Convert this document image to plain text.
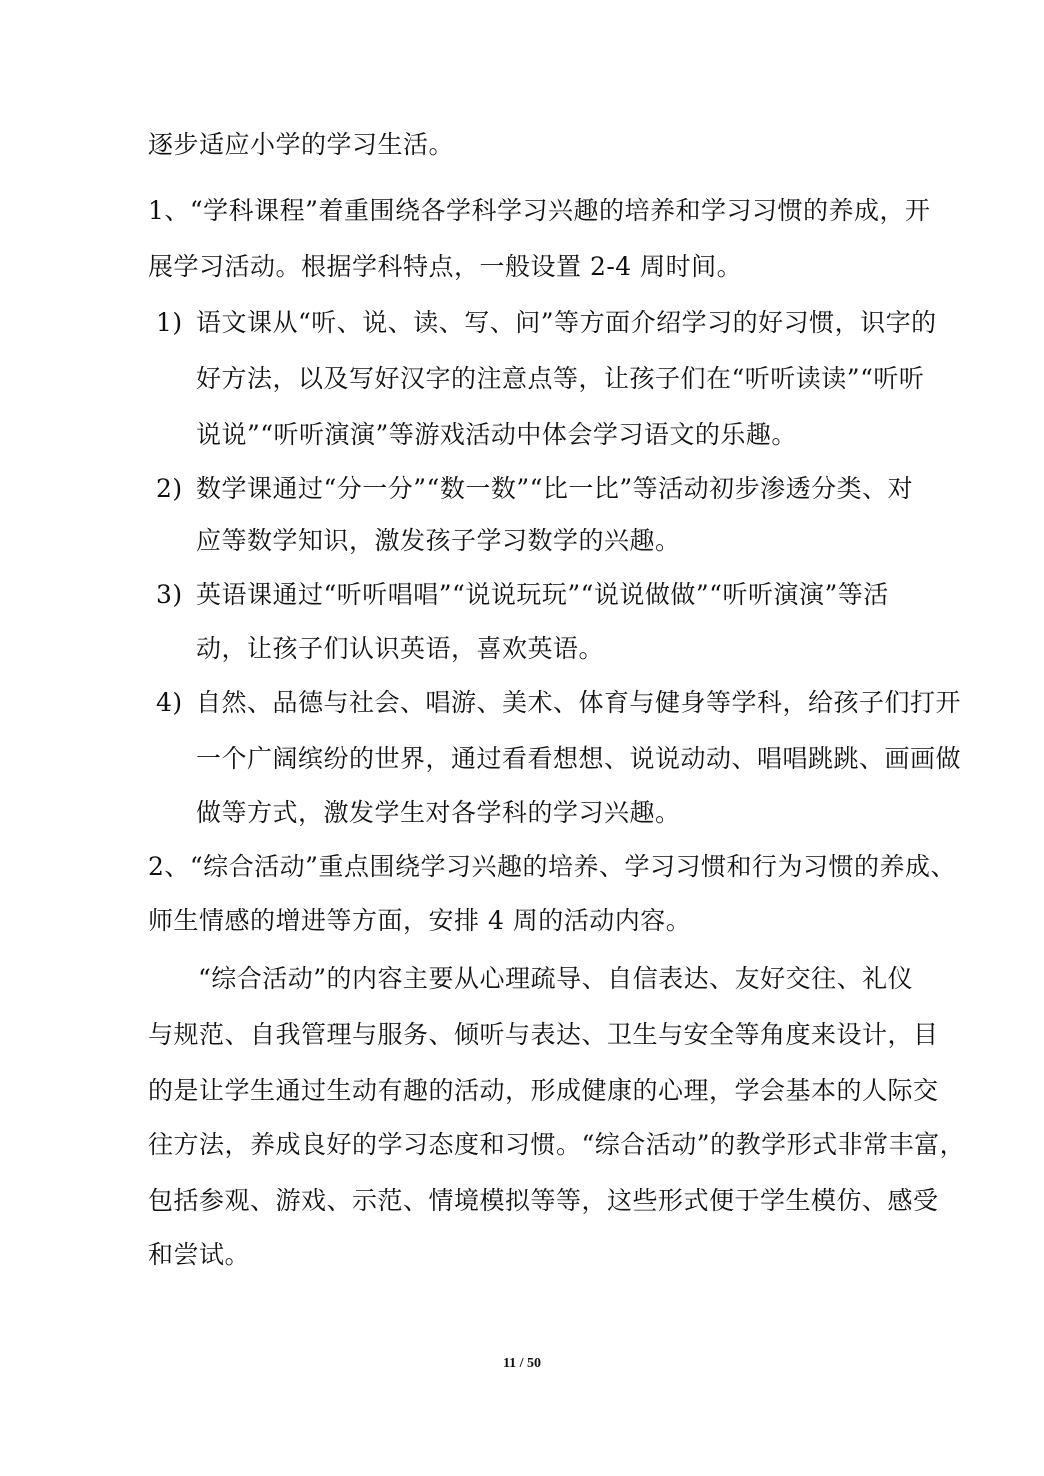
逐步适应小学的学习生活。
1、“学科课程”着重围绕各学科学习兴趣的培养和学习习惯的养成，开
展学习活动。根据学科特点，一般设置 2-4 周时间。
1) 语文课从“听、说、读、写、问”等方面介绍学习的好习惯，识字的
好方法，以及写好汉字的注意点等，让孩子们在“听听读读”“听听
说说”“听听演演”等游戏活动中体会学习语文的乐趣。
2) 数学课通过“分一分”“数一数”“比一比”等活动初步渗透分类、对
应等数学知识，激发孩子学习数学的兴趣。
3) 英语课通过“听听唱唱”“说说玩玩”“说说做做”“听听演演”等活
动，让孩子们认识英语，喜欢英语。
4) 自然、品德与社会、唱游、美术、体育与健身等学科，给孩子们打开
一个广阔缤纷的世界，通过看看想想、说说动动、唱唱跳跳、画画做
做等方式，激发学生对各学科的学习兴趣。
2、“综合活动”重点围绕学习兴趣的培养、学习习惯和行为习惯的养成、
师生情感的增进等方面，安排 4 周的活动内容。
“综合活动”的内容主要从心理疏导、自信表达、友好交往、礼仪
与规范、自我管理与服务、倾听与表达、卫生与安全等角度来设计，目
的是让学生通过生动有趣的活动，形成健康的心理，学会基本的人际交
往方法，养成良好的学习态度和习惯。“综合活动”的教学形式非常丰富，
包括参观、游戏、示范、情境模拟等等，这些形式便于学生模仿、感受
和尝试。
11 / 50
